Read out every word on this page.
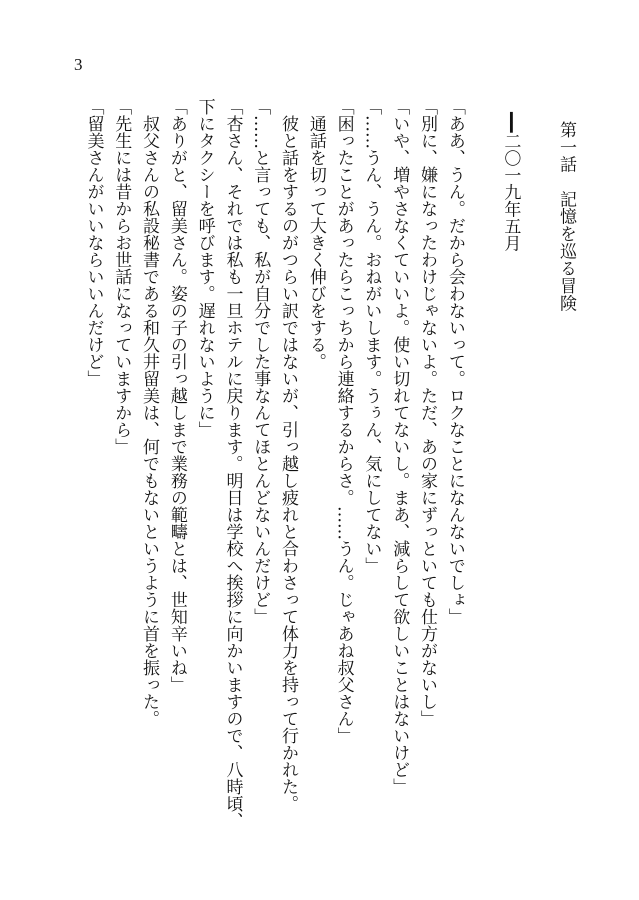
3
第一話　記憶を巡る冒険
━━二〇一九年五月
「ああ、うん。だから会わないって。ロクなことになんないでしょ」
「別に、嫌になったわけじゃないよ。ただ、あの家にずっといても仕方がないし」
「いや、増やさなくていいよ。使い切れてないし。まあ、減らして欲しいことはないけど」
「……うん、うん。おねがいします。うぅん、気にしてない」
「困ったことがあったらこっちから連絡するからさ。……うん。じゃあね叔父さん」
　通話を切って大きく伸びをする。
　彼と話をするのがつらい訳ではないが、引っ越し疲れと合わさって体力を持って行かれた。
「……と言っても、私が自分でした事なんてほとんどないんだけど」
「杏さん、それでは私も一旦ホテルに戻ります。明日は学校へ挨拶に向かいますので、八時頃、
下にタクシーを呼びます。遅れないように」
「ありがと、留美さん。姿の子の引っ越しまで業務の範疇とは、世知辛いね」
　叔父さんの私設秘書である和久井留美は、何でもないというように首を振った。
「先生には昔からお世話になっていますから」
「留美さんがいいならいいんだけど」
